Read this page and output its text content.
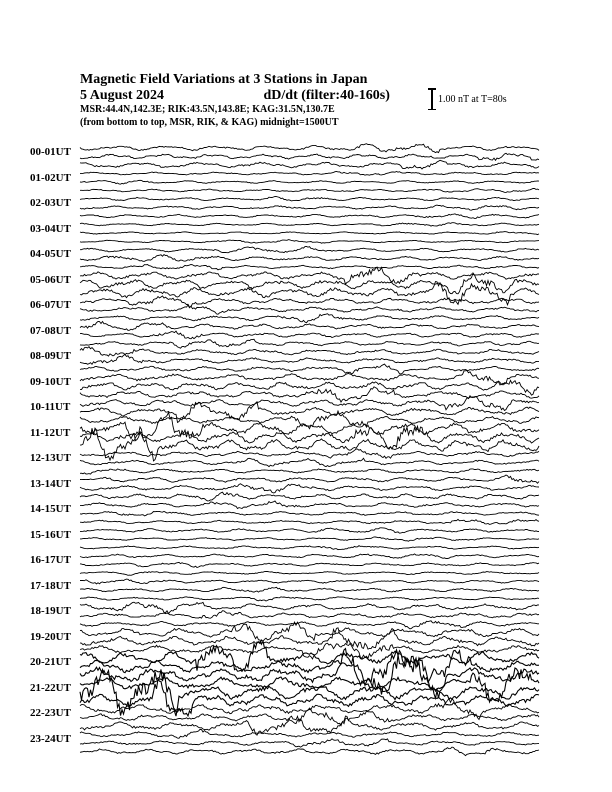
Magnetic Field Variations at 3 Stations in Japan
5 August 2024	dD/dt (filter:40-160s)
MSR:44.4N,142.3E; RIK:43.5N,143.8E; KAG:31.5N,130.7E
(from bottom to top, MSR, RIK, & KAG) midnight=1500UT
1.00 nT at T=80s
00-01UT
01-02UT
02-03UT
03-04UT
04-05UT
05-06UT
06-07UT
07-08UT
08-09UT
09-10UT
10-11UT
11-12UT
12-13UT
13-14UT
14-15UT
15-16UT
16-17UT
17-18UT
18-19UT
19-20UT
20-21UT
21-22UT
22-23UT
23-24UT
